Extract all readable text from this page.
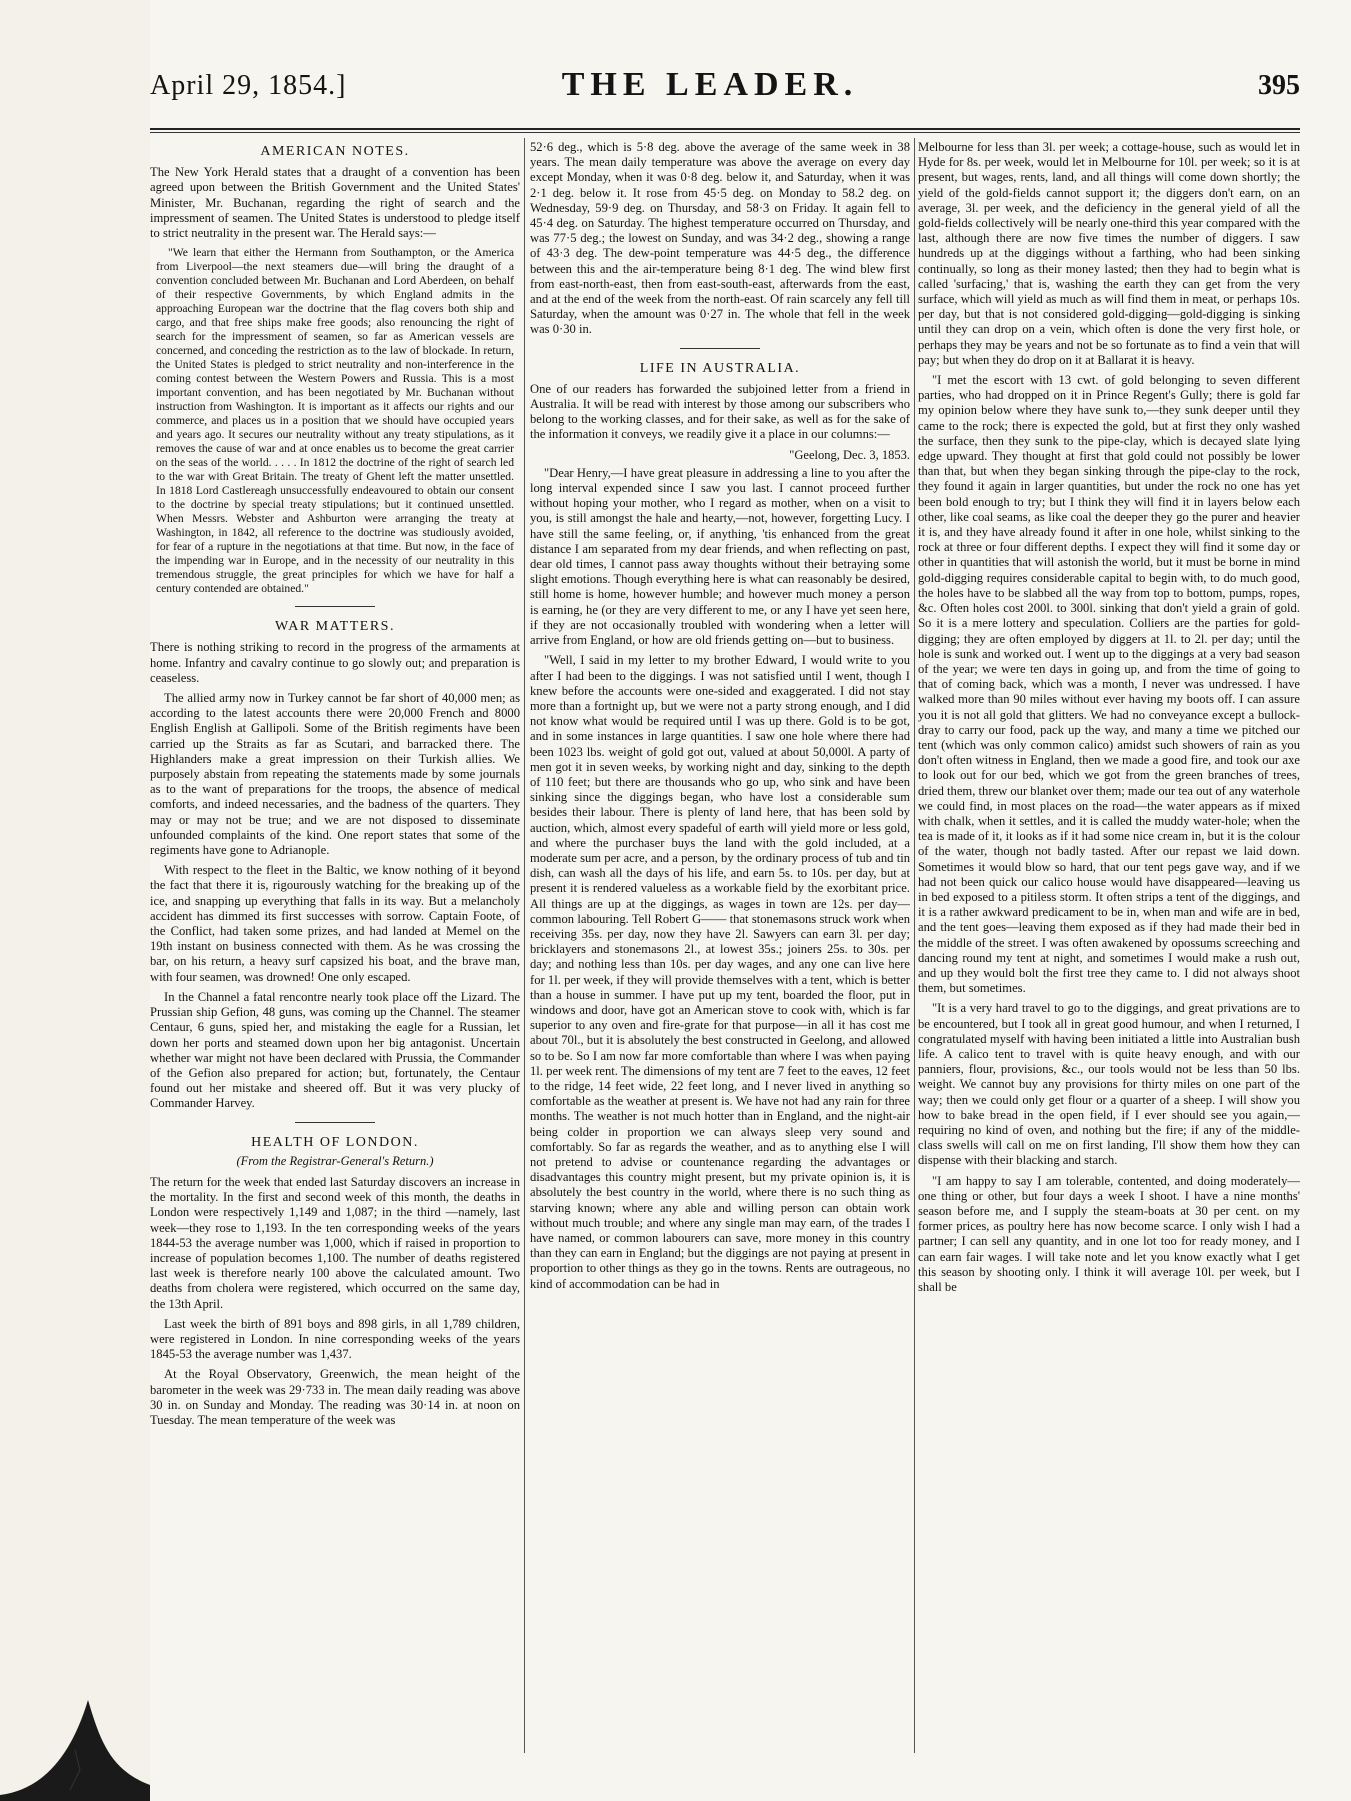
April 29, 1854.]	THE LEADER.	395
AMERICAN NOTES.

The New York Herald states that a draught of a convention has been agreed upon between the British Government and the United States' Minister, Mr. Buchanan, regarding the right of search and the impressment of seamen. The United States is understood to pledge itself to strict neutrality in the present war. The Herald says:—

"We learn that either the Hermann from Southampton, or the America from Liverpool—the next steamers due—will bring the draught of a convention concluded between Mr. Buchanan and Lord Aberdeen, on behalf of their respective Governments, by which England admits in the approaching European war the doctrine that the flag covers both ship and cargo, and that free ships make free goods; also renouncing the right of search for the impressment of seamen, so far as American vessels are concerned, and conceding the restriction as to the law of blockade. In return, the United States is pledged to strict neutrality and non-interference in the coming contest between the Western Powers and Russia. This is a most important convention, and has been negotiated by Mr. Buchanan without instruction from Washington. It is important as it affects our rights and our commerce, and places us in a position that we should have occupied years and years ago. It secures our neutrality without any treaty stipulations, as it removes the cause of war and at once enables us to become the great carrier on the seas of the world. . . . . In 1812 the doctrine of the right of search led to the war with Great Britain. The treaty of Ghent left the matter unsettled. In 1818 Lord Castlereagh unsuccessfully endeavoured to obtain our consent to the doctrine by special treaty stipulations; but it continued unsettled. When Messrs. Webster and Ashburton were arranging the treaty at Washington, in 1842, all reference to the doctrine was studiously avoided, for fear of a rupture in the negotiations at that time. But now, in the face of the impending war in Europe, and in the necessity of our neutrality in this tremendous struggle, the great principles for which we have for half a century contended are obtained."

WAR MATTERS.

There is nothing striking to record in the progress of the armaments at home. Infantry and cavalry continue to go slowly out; and preparation is ceaseless.

The allied army now in Turkey cannot be far short of 40,000 men; as according to the latest accounts there were 20,000 French and 8000 English English at Gallipoli. Some of the British regiments have been carried up the Straits as far as Scutari, and barracked there. The Highlanders make a great impression on their Turkish allies. We purposely abstain from repeating the statements made by some journals as to the want of preparations for the troops, the absence of medical comforts, and indeed necessaries, and the badness of the quarters. They may or may not be true; and we are not disposed to disseminate unfounded complaints of the kind. One report states that some of the regiments have gone to Adrianople.

With respect to the fleet in the Baltic, we know nothing of it beyond the fact that there it is, rigourously watching for the breaking up of the ice, and snapping up everything that falls in its way. But a melancholy accident has dimmed its first successes with sorrow. Captain Foote, of the Conflict, had taken some prizes, and had landed at Memel on the 19th instant on business connected with them. As he was crossing the bar, on his return, a heavy surf capsized his boat, and the brave man, with four seamen, was drowned! One only escaped.

In the Channel a fatal rencontre nearly took place off the Lizard. The Prussian ship Gefion, 48 guns, was coming up the Channel. The steamer Centaur, 6 guns, spied her, and mistaking the eagle for a Russian, let down her ports and steamed down upon her big antagonist. Uncertain whether war might not have been declared with Prussia, the Commander of the Gefion also prepared for action; but, fortunately, the Centaur found out her mistake and sheered off. But it was very plucky of Commander Harvey.

HEALTH OF LONDON.
(From the Registrar-General's Return.)

The return for the week that ended last Saturday discovers an increase in the mortality. In the first and second week of this month, the deaths in London were respectively 1,149 and 1,087; in the third —namely, last week—they rose to 1,193. In the ten corresponding weeks of the years 1844-53 the average number was 1,000, which if raised in proportion to increase of population becomes 1,100. The number of deaths registered last week is therefore nearly 100 above the calculated amount. Two deaths from cholera were registered, which occurred on the same day, the 13th April.

Last week the birth of 891 boys and 898 girls, in all 1,789 children, were registered in London. In nine corresponding weeks of the years 1845-53 the average number was 1,437.

At the Royal Observatory, Greenwich, the mean height of the barometer in the week was 29·733 in. The mean daily reading was above 30 in. on Sunday and Monday. The reading was 30·14 in. at noon on Tuesday. The mean temperature of the week was

52·6 deg., which is 5·8 deg. above the average of the same week in 38 years. The mean daily temperature was above the average on every day except Monday, when it was 0·8 deg. below it, and Saturday, when it was 2·1 deg. below it. It rose from 45·5 deg. on Monday to 58.2 deg. on Wednesday, 59·9 deg. on Thursday, and 58·3 on Friday. It again fell to 45·4 deg. on Saturday. The highest temperature occurred on Thursday, and was 77·5 deg.; the lowest on Sunday, and was 34·2 deg., showing a range of 43·3 deg. The dew-point temperature was 44·5 deg., the difference between this and the air-temperature being 8·1 deg. The wind blew first from east-north-east, then from east-south-east, afterwards from the east, and at the end of the week from the north-east. Of rain scarcely any fell till Saturday, when the amount was 0·27 in. The whole that fell in the week was 0·30 in.

LIFE IN AUSTRALIA.

One of our readers has forwarded the subjoined letter from a friend in Australia. It will be read with interest by those among our subscribers who belong to the working classes, and for their sake, as well as for the sake of the information it conveys, we readily give it a place in our columns:—

"Geelong, Dec. 3, 1853.

"Dear Henry,—I have great pleasure in addressing a line to you after the long interval expended since I saw you last. I cannot proceed further without hoping your mother, who I regard as mother, when on a visit to you, is still amongst the hale and hearty,—not, however, forgetting Lucy. I have still the same feeling, or, if anything, 'tis enhanced from the great distance I am separated from my dear friends, and when reflecting on past, dear old times, I cannot pass away thoughts without their betraying some slight emotions. Though everything here is what can reasonably be desired, still home is home, however humble; and however much money a person is earning, he (or they are very different to me, or any I have yet seen here, if they are not occasionally troubled with wondering when a letter will arrive from England, or how are old friends getting on—but to business.

"Well, I said in my letter to my brother Edward, I would write to you after I had been to the diggings. I was not satisfied until I went, though I knew before the accounts were one-sided and exaggerated. I did not stay more than a fortnight up, but we were not a party strong enough, and I did not know what would be required until I was up there. Gold is to be got, and in some instances in large quantities. I saw one hole where there had been 1023 lbs. weight of gold got out, valued at about 50,000l. A party of men got it in seven weeks, by working night and day, sinking to the depth of 110 feet; but there are thousands who go up, who sink and have been sinking since the diggings began, who have lost a considerable sum besides their labour. There is plenty of land here, that has been sold by auction, which, almost every spadeful of earth will yield more or less gold, and where the purchaser buys the land with the gold included, at a moderate sum per acre, and a person, by the ordinary process of tub and tin dish, can wash all the days of his life, and earn 5s. to 10s. per day, but at present it is rendered valueless as a workable field by the exorbitant price. All things are up at the diggings, as wages in town are 12s. per day—common labouring. Tell Robert G—— that stonemasons struck work when receiving 35s. per day, now they have 2l. Sawyers can earn 3l. per day; bricklayers and stonemasons 2l., at lowest 35s.; joiners 25s. to 30s. per day; and nothing less than 10s. per day wages, and any one can live here for 1l. per week, if they will provide themselves with a tent, which is better than a house in summer. I have put up my tent, boarded the floor, put in windows and door, have got an American stove to cook with, which is far superior to any oven and fire-grate for that purpose—in all it has cost me about 70l., but it is absolutely the best constructed in Geelong, and allowed so to be. So I am now far more comfortable than where I was when paying 1l. per week rent. The dimensions of my tent are 7 feet to the eaves, 12 feet to the ridge, 14 feet wide, 22 feet long, and I never lived in anything so comfortable as the weather at present is. We have not had any rain for three months. The weather is not much hotter than in England, and the night-air being colder in proportion we can always sleep very sound and comfortably. So far as regards the weather, and as to anything else I will not pretend to advise or countenance regarding the advantages or disadvantages this country might present, but my private opinion is, it is absolutely the best country in the world, where there is no such thing as starving known; where any able and willing person can obtain work without much trouble; and where any single man may earn, of the trades I have named, or common labourers can save, more money in this country than they can earn in England; but the diggings are not paying at present in proportion to other things as they go in the towns. Rents are outrageous, no kind of accommodation can be had in

Melbourne for less than 3l. per week; a cottage-house, such as would let in Hyde for 8s. per week, would let in Melbourne for 10l. per week; so it is at present, but wages, rents, land, and all things will come down shortly; the yield of the gold-fields cannot support it; the diggers don't earn, on an average, 3l. per week, and the deficiency in the general yield of all the gold-fields collectively will be nearly one-third this year compared with the last, although there are now five times the number of diggers. I saw hundreds up at the diggings without a farthing, who had been sinking continually, so long as their money lasted; then they had to begin what is called 'surfacing,' that is, washing the earth they can get from the very surface, which will yield as much as will find them in meat, or perhaps 10s. per day, but that is not considered gold-digging—gold-digging is sinking until they can drop on a vein, which often is done the very first hole, or perhaps they may be years and not be so fortunate as to find a vein that will pay; but when they do drop on it at Ballarat it is heavy.

"I met the escort with 13 cwt. of gold belonging to seven different parties, who had dropped on it in Prince Regent's Gully; there is gold far my opinion below where they have sunk to,—they sunk deeper until they came to the rock; there is expected the gold, but at first they only washed the surface, then they sunk to the pipe-clay, which is decayed slate lying edge upward. They thought at first that gold could not possibly be lower than that, but when they began sinking through the pipe-clay to the rock, they found it again in larger quantities, but under the rock no one has yet been bold enough to try; but I think they will find it in layers below each other, like coal seams, as like coal the deeper they go the purer and heavier it is, and they have already found it after in one hole, whilst sinking to the rock at three or four different depths. I expect they will find it some day or other in quantities that will astonish the world, but it must be borne in mind gold-digging requires considerable capital to begin with, to do much good, the holes have to be slabbed all the way from top to bottom, pumps, ropes, &c. Often holes cost 200l. to 300l. sinking that don't yield a grain of gold. So it is a mere lottery and speculation. Colliers are the parties for gold-digging; they are often employed by diggers at 1l. to 2l. per day; until the hole is sunk and worked out. I went up to the diggings at a very bad season of the year; we were ten days in going up, and from the time of going to that of coming back, which was a month, I never was undressed. I have walked more than 90 miles without ever having my boots off. I can assure you it is not all gold that glitters. We had no conveyance except a bullock-dray to carry our food, pack up the way, and many a time we pitched our tent (which was only common calico) amidst such showers of rain as you don't often witness in England, then we made a good fire, and took our axe to look out for our bed, which we got from the green branches of trees, dried them, threw our blanket over them; made our tea out of any waterhole we could find, in most places on the road—the water appears as if mixed with chalk, when it settles, and it is called the muddy water-hole; when the tea is made of it, it looks as if it had some nice cream in, but it is the colour of the water, though not badly tasted. After our repast we laid down. Sometimes it would blow so hard, that our tent pegs gave way, and if we had not been quick our calico house would have disappeared—leaving us in bed exposed to a pitiless storm. It often strips a tent of the diggings, and it is a rather awkward predicament to be in, when man and wife are in bed, and the tent goes—leaving them exposed as if they had made their bed in the middle of the street. I was often awakened by opossums screeching and dancing round my tent at night, and sometimes I would make a rush out, and up they would bolt the first tree they came to. I did not always shoot them, but sometimes.

"It is a very hard travel to go to the diggings, and great privations are to be encountered, but I took all in great good humour, and when I returned, I congratulated myself with having been initiated a little into Australian bush life. A calico tent to travel with is quite heavy enough, and with our panniers, flour, provisions, &c., our tools would not be less than 50 lbs. weight. We cannot buy any provisions for thirty miles on one part of the way; then we could only get flour or a quarter of a sheep. I will show you how to bake bread in the open field, if I ever should see you again,—requiring no kind of oven, and nothing but the fire; if any of the middle-class swells will call on me on first landing, I'll show them how they can dispense with their blacking and starch.

"I am happy to say I am tolerable, contented, and doing moderately—one thing or other, but four days a week I shoot. I have a nine months' season before me, and I supply the steam-boats at 30 per cent. on my former prices, as poultry here has now become scarce. I only wish I had a partner; I can sell any quantity, and in one lot too for ready money, and I can earn fair wages. I will take note and let you know exactly what I get this season by shooting only. I think it will average 10l. per week, but I shall be
